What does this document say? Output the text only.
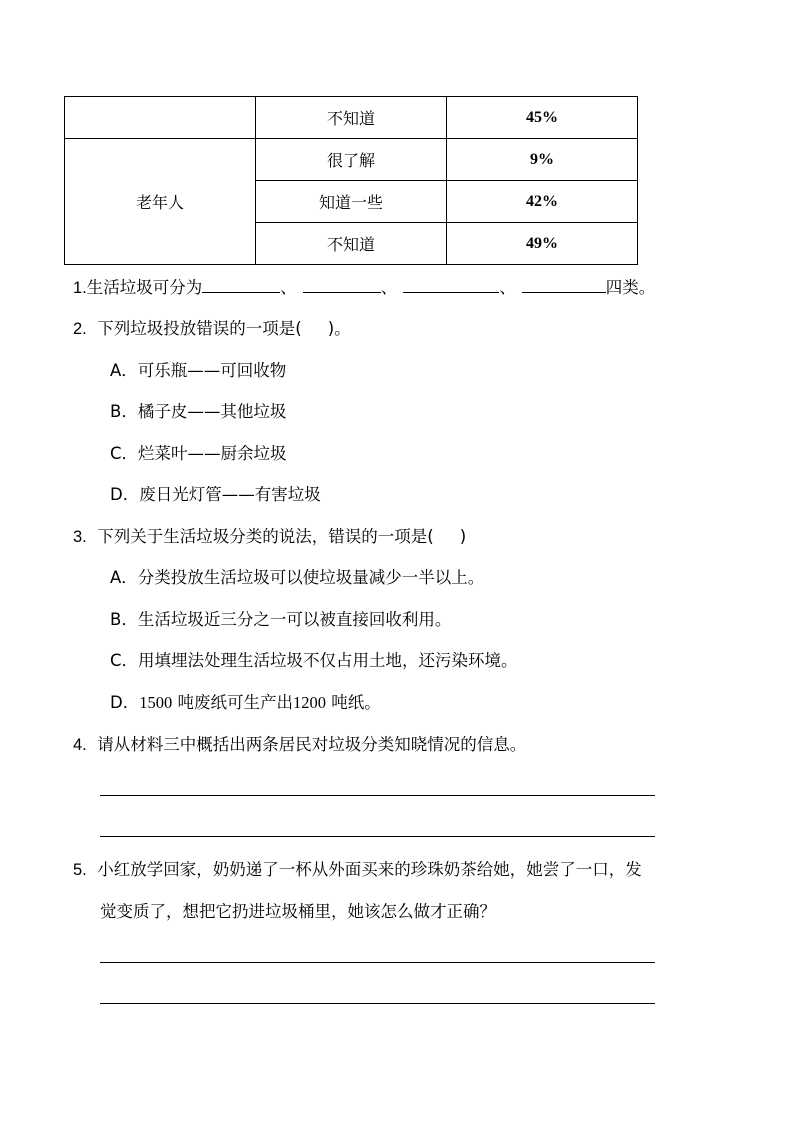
	不知道	45%
老年人	很了解	9%
	知道一些	42%
	不知道	49%
1.生活垃圾可分为	、	、	、	四类。
2. 下列垃圾投放错误的一项是( )。
A．可乐瓶——可回收物
B．橘子皮——其他垃圾
C．烂菜叶——厨余垃圾
D．废日光灯管——有害垃圾
3. 下列关于生活垃圾分类的说法，错误的一项是( )
A．分类投放生活垃圾可以使垃圾量减少一半以上。
B．生活垃圾近三分之一可以被直接回收利用。
C．用填埋法处理生活垃圾不仅占用土地，还污染环境。
D．1500 吨废纸可生产出1200 吨纸。
4. 请从材料三中概括出两条居民对垃圾分类知晓情况的信息。
5. 小红放学回家，奶奶递了一杯从外面买来的珍珠奶茶给她，她尝了一口，发
觉变质了，想把它扔进垃圾桶里，她该怎么做才正确？
